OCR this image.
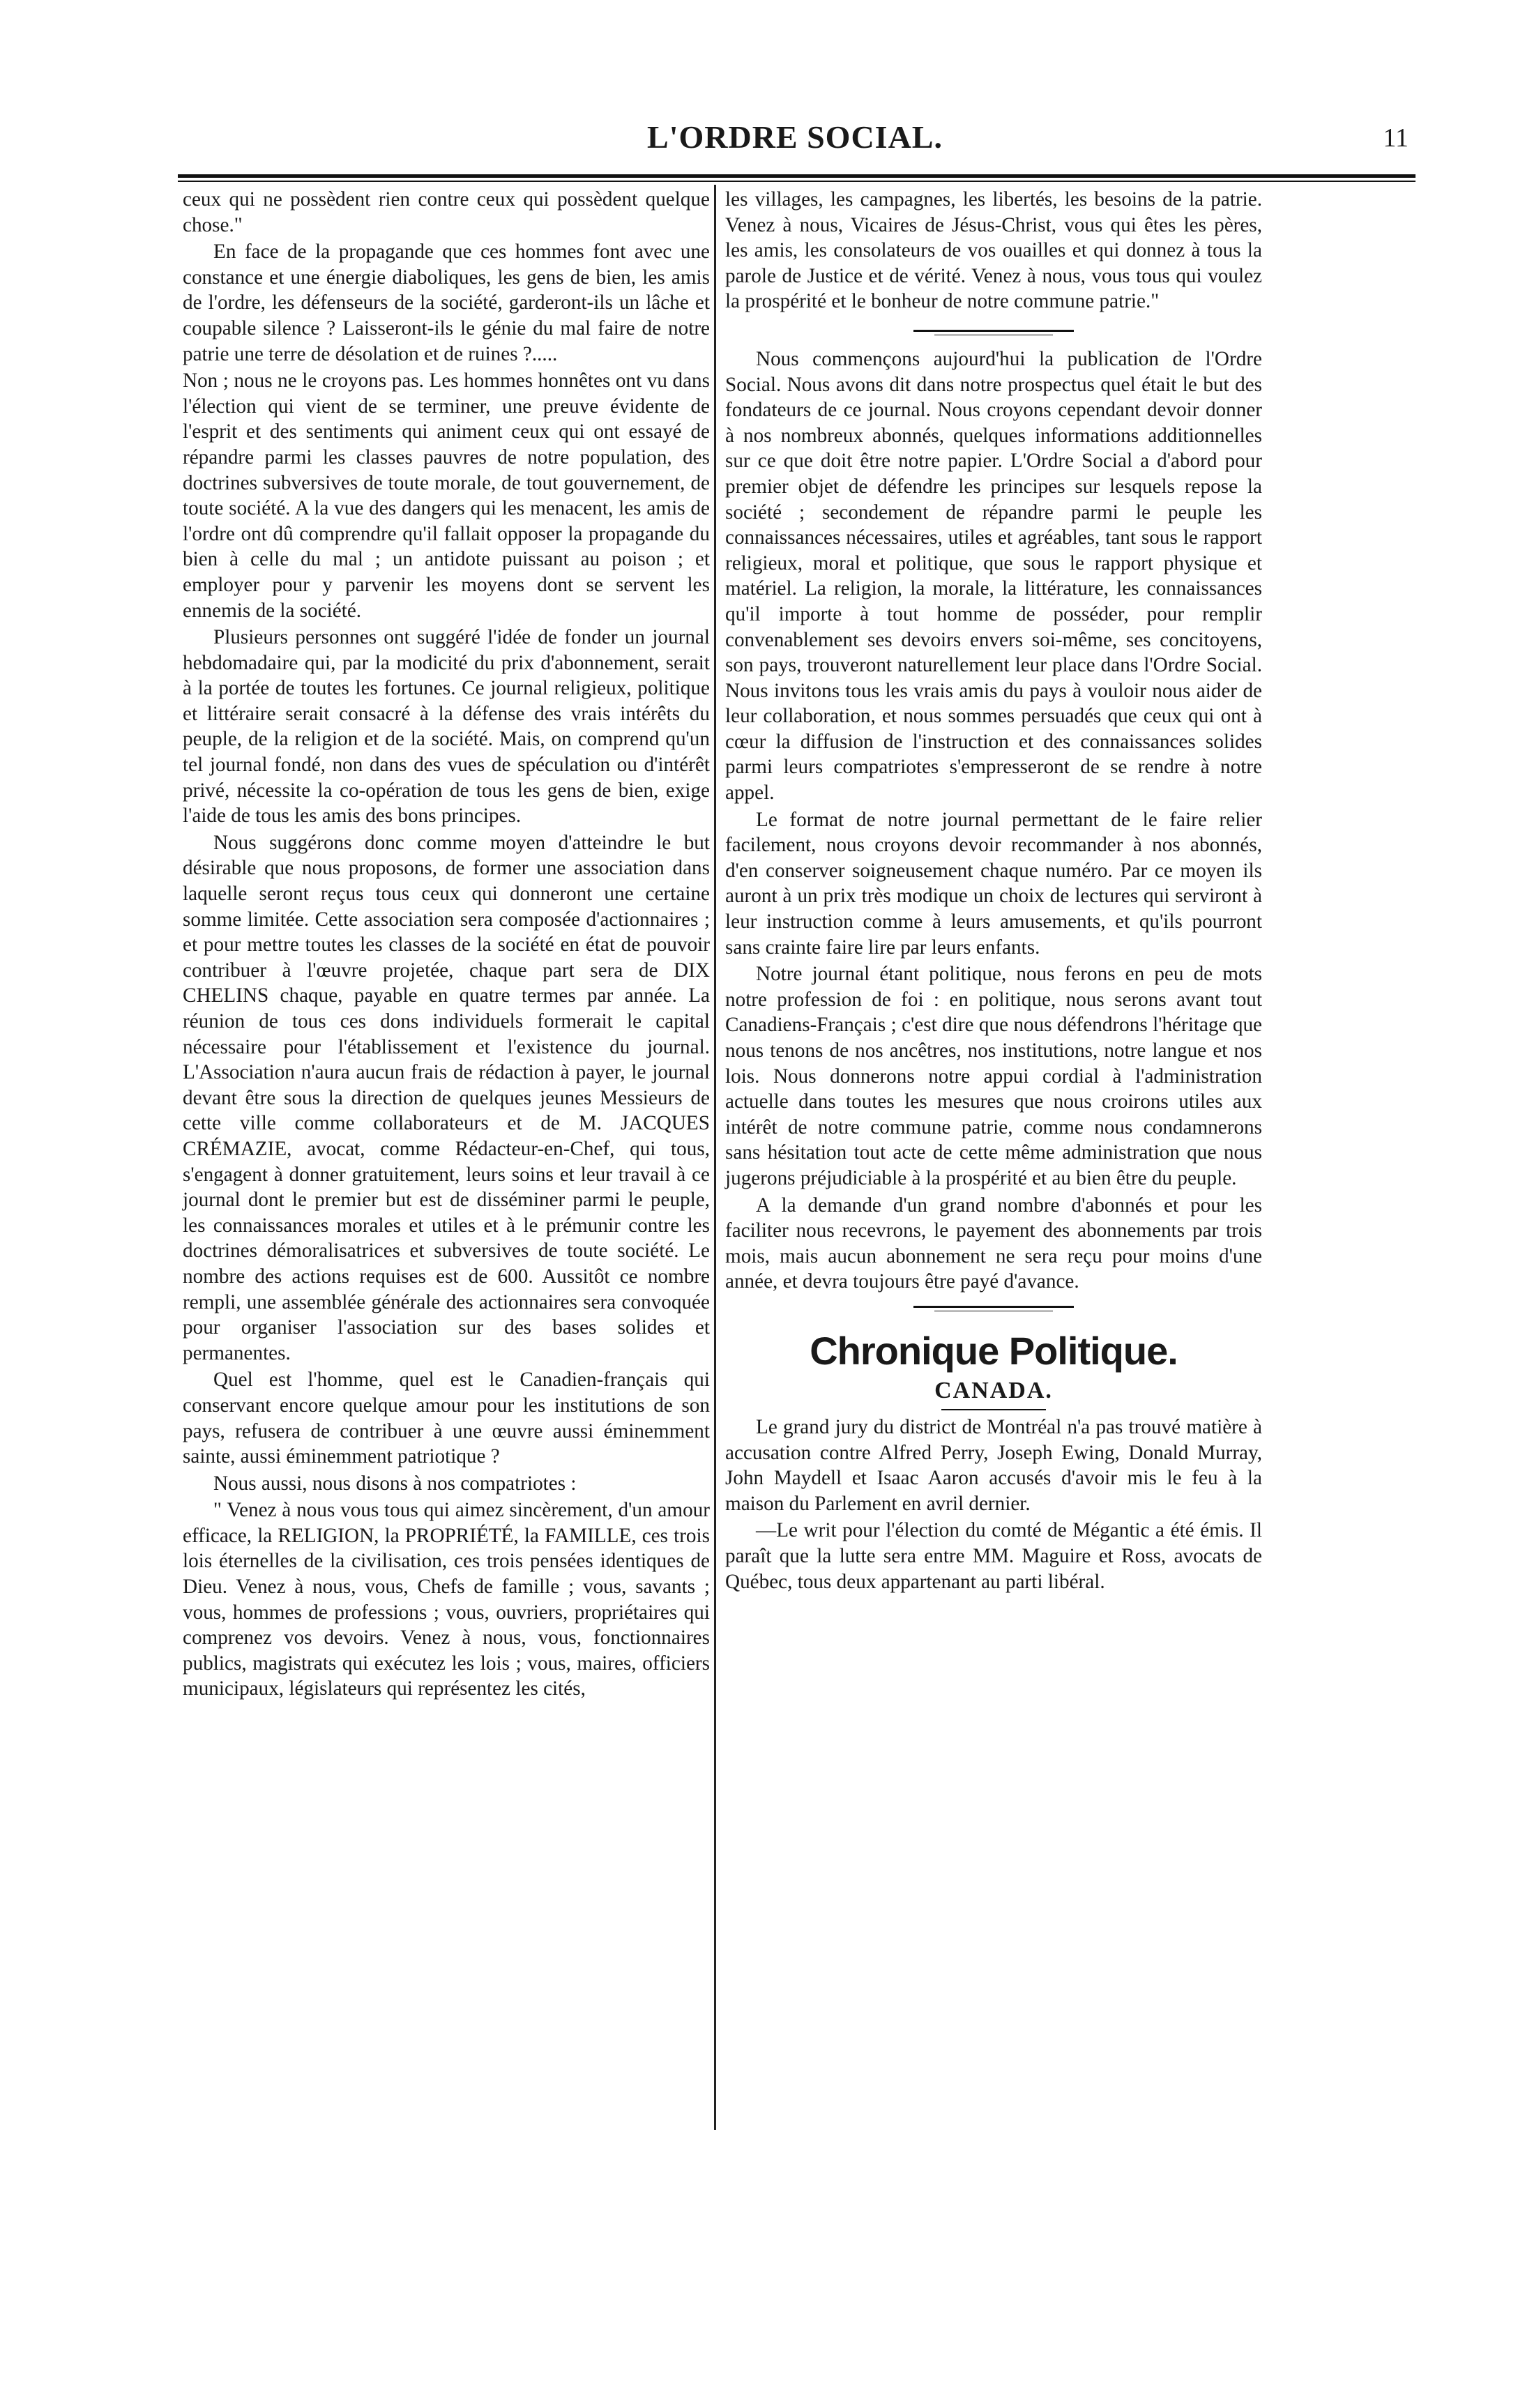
L'ORDRE SOCIAL.	11

ceux qui ne possèdent rien contre ceux qui possèdent quelque chose."

En face de la propagande que ces hommes font avec une constance et une énergie diaboliques, les gens de bien, les amis de l'ordre, les défenseurs de la société, garderont-ils un lâche et coupable silence ? Laisseront-ils le génie du mal faire de notre patrie une terre de désolation et de ruines ?.....

Non ; nous ne le croyons pas. Les hommes honnêtes ont vu dans l'élection qui vient de se terminer, une preuve évidente de l'esprit et des sentiments qui animent ceux qui ont essayé de répandre parmi les classes pauvres de notre population, des doctrines subversives de toute morale, de tout gouvernement, de toute société. A la vue des dangers qui les menacent, les amis de l'ordre ont dû comprendre qu'il fallait opposer la propagande du bien à celle du mal ; un antidote puissant au poison ; et employer pour y parvenir les moyens dont se servent les ennemis de la société.

Plusieurs personnes ont suggéré l'idée de fonder un journal hebdomadaire qui, par la modicité du prix d'abonnement, serait à la portée de toutes les fortunes. Ce journal religieux, politique et littéraire serait consacré à la défense des vrais intérêts du peuple, de la religion et de la société. Mais, on comprend qu'un tel journal fondé, non dans des vues de spéculation ou d'intérêt privé, nécessite la co-opération de tous les gens de bien, exige l'aide de tous les amis des bons principes.

Nous suggérons donc comme moyen d'atteindre le but désirable que nous proposons, de former une association dans laquelle seront reçus tous ceux qui donneront une certaine somme limitée. Cette association sera composée d'actionnaires ; et pour mettre toutes les classes de la société en état de pouvoir contribuer à l'œuvre projetée, chaque part sera de DIX CHELINS chaque, payable en quatre termes par année. La réunion de tous ces dons individuels formerait le capital nécessaire pour l'établissement et l'existence du journal. L'Association n'aura aucun frais de rédaction à payer, le journal devant être sous la direction de quelques jeunes Messieurs de cette ville comme collaborateurs et de M. JACQUES CRÉMAZIE, avocat, comme Rédacteur-en-Chef, qui tous, s'engagent à donner gratuitement, leurs soins et leur travail à ce journal dont le premier but est de disséminer parmi le peuple, les connaissances morales et utiles et à le prémunir contre les doctrines démoralisatrices et subversives de toute société. Le nombre des actions requises est de 600. Aussitôt ce nombre rempli, une assemblée générale des actionnaires sera convoquée pour organiser l'association sur des bases solides et permanentes.

Quel est l'homme, quel est le Canadien-français qui conservant encore quelque amour pour les institutions de son pays, refusera de contribuer à une œuvre aussi éminemment sainte, aussi éminemment patriotique ?

Nous aussi, nous disons à nos compatriotes :

" Venez à nous vous tous qui aimez sincèrement, d'un amour efficace, la RELIGION, la PROPRIÉTÉ, la FAMILLE, ces trois lois éternelles de la civilisation, ces trois pensées identiques de Dieu. Venez à nous, vous, Chefs de famille ; vous, savants ; vous, hommes de professions ; vous, ouvriers, propriétaires qui comprenez vos devoirs. Venez à nous, vous, fonctionnaires publics, magistrats qui exécutez les lois ; vous, maires, officiers municipaux, législateurs qui représentez les cités,

les villages, les campagnes, les libertés, les besoins de la patrie. Venez à nous, Vicaires de Jésus-Christ, vous qui êtes les pères, les amis, les consolateurs de vos ouailles et qui donnez à tous la parole de Justice et de vérité. Venez à nous, vous tous qui voulez la prospérité et le bonheur de notre commune patrie."

Nous commençons aujourd'hui la publication de l'Ordre Social. Nous avons dit dans notre prospectus quel était le but des fondateurs de ce journal. Nous croyons cependant devoir donner à nos nombreux abonnés, quelques informations additionnelles sur ce que doit être notre papier. L'Ordre Social a d'abord pour premier objet de défendre les principes sur lesquels repose la société ; secondement de répandre parmi le peuple les connaissances nécessaires, utiles et agréables, tant sous le rapport religieux, moral et politique, que sous le rapport physique et matériel. La religion, la morale, la littérature, les connaissances qu'il importe à tout homme de posséder, pour remplir convenablement ses devoirs envers soi-même, ses concitoyens, son pays, trouveront naturellement leur place dans l'Ordre Social. Nous invitons tous les vrais amis du pays à vouloir nous aider de leur collaboration, et nous sommes persuadés que ceux qui ont à cœur la diffusion de l'instruction et des connaissances solides parmi leurs compatriotes s'empresseront de se rendre à notre appel.

Le format de notre journal permettant de le faire relier facilement, nous croyons devoir recommander à nos abonnés, d'en conserver soigneusement chaque numéro. Par ce moyen ils auront à un prix très modique un choix de lectures qui serviront à leur instruction comme à leurs amusements, et qu'ils pourront sans crainte faire lire par leurs enfants.

Notre journal étant politique, nous ferons en peu de mots notre profession de foi : en politique, nous serons avant tout Canadiens-Français ; c'est dire que nous défendrons l'héritage que nous tenons de nos ancêtres, nos institutions, notre langue et nos lois. Nous donnerons notre appui cordial à l'administration actuelle dans toutes les mesures que nous croirons utiles aux intérêt de notre commune patrie, comme nous condamnerons sans hésitation tout acte de cette même administration que nous jugerons préjudiciable à la prospérité et au bien être du peuple.

A la demande d'un grand nombre d'abonnés et pour les faciliter nous recevrons, le payement des abonnements par trois mois, mais aucun abonnement ne sera reçu pour moins d'une année, et devra toujours être payé d'avance.

Chronique Politique.
CANADA.

Le grand jury du district de Montréal n'a pas trouvé matière à accusation contre Alfred Perry, Joseph Ewing, Donald Murray, John Maydell et Isaac Aaron accusés d'avoir mis le feu à la maison du Parlement en avril dernier.

—Le writ pour l'élection du comté de Mégantic a été émis. Il paraît que la lutte sera entre MM. Maguire et Ross, avocats de Québec, tous deux appartenant au parti libéral.
